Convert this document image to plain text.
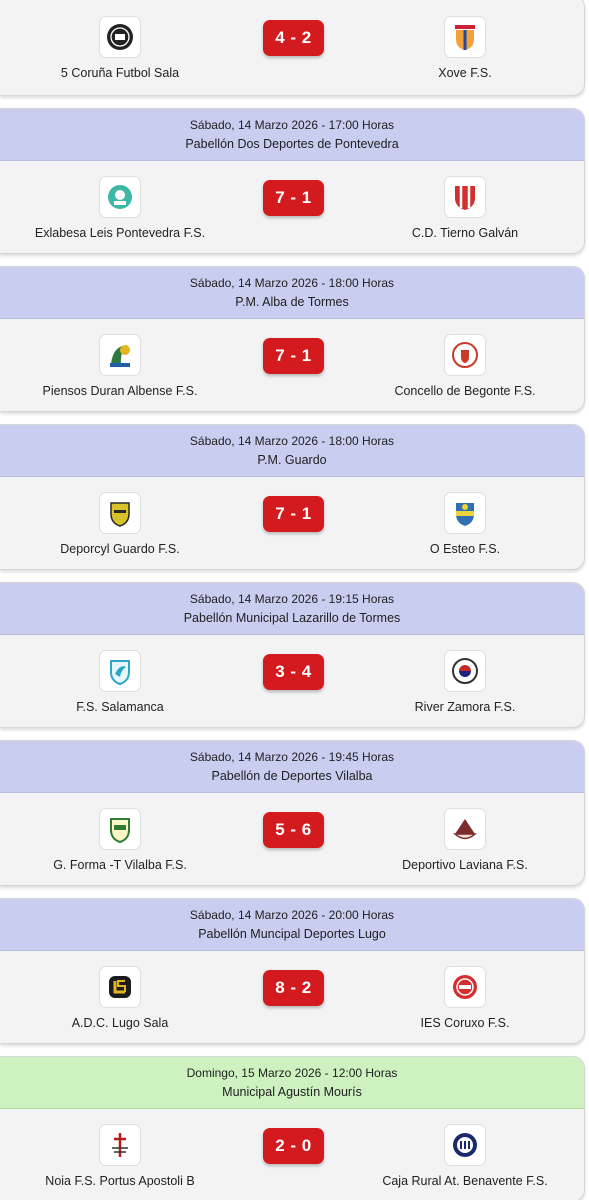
5 Coruña Futbol Sala
4 - 2
Xove F.S.
Sábado, 14 Marzo 2026 - 17:00 Horas
Pabellón Dos Deportes de Pontevedra
Exlabesa Leis Pontevedra F.S.
7 - 1
C.D. Tierno Galván
Sábado, 14 Marzo 2026 - 18:00 Horas
P.M. Alba de Tormes
Piensos Duran Albense F.S.
7 - 1
Concello de Begonte F.S.
Sábado, 14 Marzo 2026 - 18:00 Horas
P.M. Guardo
Deporcyl Guardo F.S.
7 - 1
O Esteo F.S.
Sábado, 14 Marzo 2026 - 19:15 Horas
Pabellón Municipal Lazarillo de Tormes
F.S. Salamanca
3 - 4
River Zamora F.S.
Sábado, 14 Marzo 2026 - 19:45 Horas
Pabellón de Deportes Vilalba
G. Forma -T Vilalba F.S.
5 - 6
Deportivo Laviana F.S.
Sábado, 14 Marzo 2026 - 20:00 Horas
Pabellón Muncipal Deportes Lugo
A.D.C. Lugo Sala
8 - 2
IES Coruxo F.S.
Domingo, 15 Marzo 2026 - 12:00 Horas
Municipal Agustín Mourís
Noia F.S. Portus Apostoli B
2 - 0
Caja Rural At. Benavente F.S.
